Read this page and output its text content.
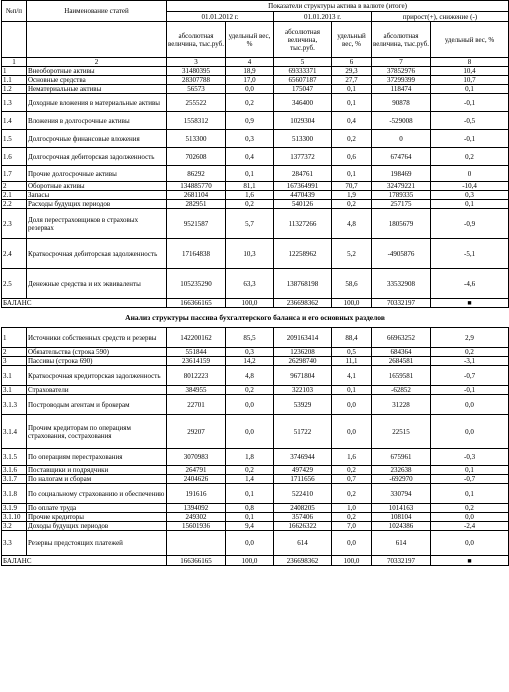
№п/п	Наименование статей	Показатели структуры актива в валюте (итоге)					
		01.01.2012 г.		01.01.2013 г.		прирост(+), снижение (-)	
		абсолютная величина, тыс.руб.	удельный вес, %	абсолютная величина, тыс.руб.	удельный вес, %	абсолютная величина, тыс.руб.	удельный вес, %
1	2	3	4	5	6	7	8
1	Внеоборотные активы	31480395	18,9	69333371	29,3	37852976	10,4
1.1	Основные средства	28307788	17,0	65607187	27,7	37299399	10,7
1.2	Нематериальные активы	56573	0,0	175047	0,1	118474	0,1
1.3	Доходные вложения в материальные активы	255522	0,2	346400	0,1	90878	-0,1
1.4	Вложения в долгосрочные активы	1558312	0,9	1029304	0,4	-529008	-0,5
1.5	Долгосрочные финансовые вложения	513300	0,3	513300	0,2	0	-0,1
1.6	Долгосрочная дебиторская задолженность	702608	0,4	1377372	0,6	674764	0,2
1.7	Прочие долгосрочные активы	86292	0,1	284761	0,1	198469	0
2	Оборотные активы	134885770	81,1	167364991	70,7	32479221	-10,4
2.1	Запасы	2681104	1,6	4470439	1,9	1789335	0,3
2.2	Расходы будущих периодов	282951	0,2	540126	0,2	257175	0,1
2.3	Доля перестраховщиков в страховых резервах	9521587	5,7	11327266	4,8	1805679	-0,9
2.4	Краткосрочная дебиторская задолженность	17164838	10,3	12258962	5,2	-4905876	-5,1
2.5	Денежные средства и их эквиваленты	105235290	63,3	138768198	58,6	33532908	-4,6
БАЛАНС		166366165	100,0	236698362	100,0	70332197	■
Анализ структуры пассива бухгалтерского баланса и его основных разделов							
1	Источники собственных средств и резервы	142200162	85,5	209163414	88,4	66963252	2,9
2	Обязательства (строка 590)	551844	0,3	1236208	0,5	684364	0,2
3	Пассивы (строка 690)	23614159	14,2	26298740	11,1	2684581	-3,1
3.1	Краткосрочная кредиторская задолженность	8012223	4,8	9671804	4,1	1659581	-0,7
3.1	Страхователи	384955	0,2	322103	0,1	-62852	-0,1
3.1.3	Построводым агентам и брокерам	22701	0,0	53929	0,0	31228	0,0
3.1.4	Прочим кредиторам по операциям страхования, сострахования	29207	0,0	51722	0,0	22515	0,0
3.1.5	По операциям перестрахования	3070983	1,8	3746944	1,6	675961	-0,3
3.1.6	Поставщики и подрядчики	264791	0,2	497429	0,2	232638	0,1
3.1.7	По налогам и сборам	2404626	1,4	1711656	0,7	-692970	-0,7
3.1.8	По социальному страхованию и обеспечению	191616	0,1	522410	0,2	330794	0,1
3.1.9	По оплате труда	1394092	0,8	2408205	1,0	1014163	0,2
3.1.10	Прочие кредиторы	249302	0,1	357406	0,2	108104	0,0
3.2	Доходы будущих периодов	15601936	9,4	16626322	7,0	1024386	-2,4
3.3	Резервы предстоящих платежей		0,0	614	0,0	614	0,0
БАЛАНС		166366165	100,0	236698362	100,0	70332197	■
